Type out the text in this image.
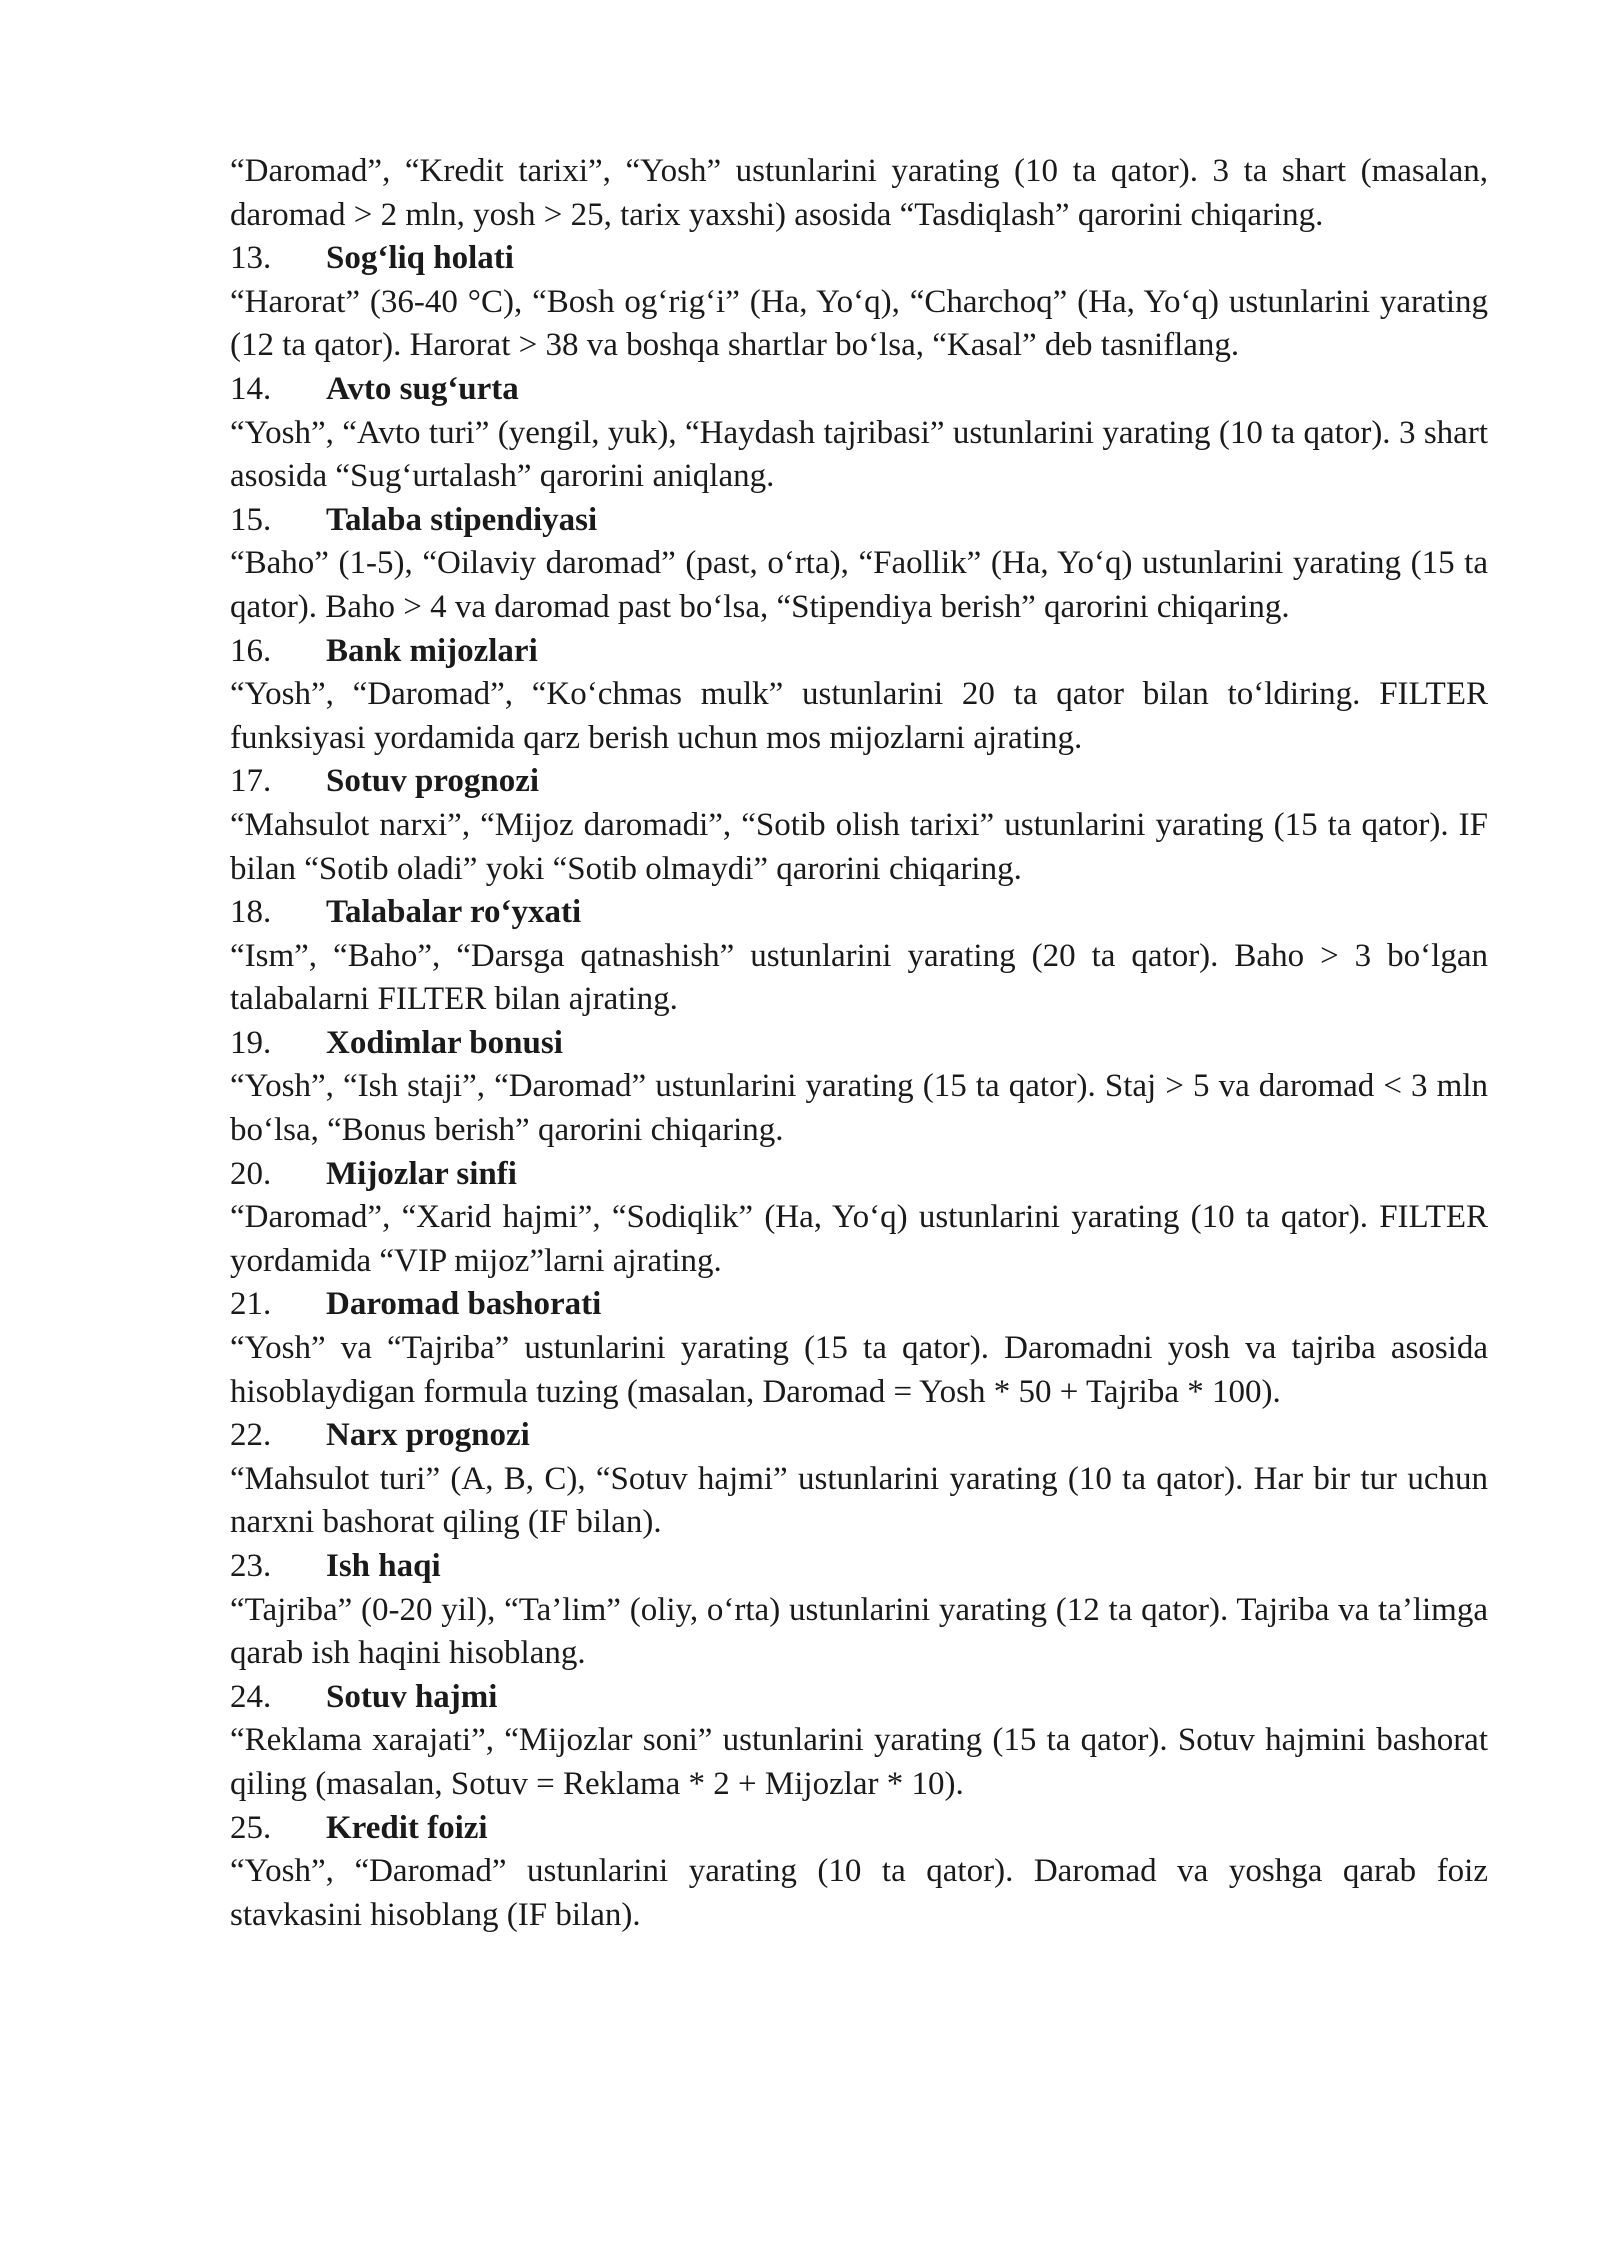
“Daromad”, “Kredit tarixi”, “Yosh” ustunlarini yarating (10 ta qator). 3 ta shart (masalan, daromad > 2 mln, yosh > 25, tarix yaxshi) asosida “Tasdiqlash” qarorini chiqaring.

13.	Sog‘liq holati

“Harorat” (36-40 °C), “Bosh og‘rig‘i” (Ha, Yo‘q), “Charchoq” (Ha, Yo‘q) ustunlarini yarating (12 ta qator). Harorat > 38 va boshqa shartlar bo‘lsa, “Kasal” deb tasniflang.

14.	Avto sug‘urta

“Yosh”, “Avto turi” (yengil, yuk), “Haydash tajribasi” ustunlarini yarating (10 ta qator). 3 shart asosida “Sug‘urtalash” qarorini aniqlang.

15.	Talaba stipendiyasi

“Baho” (1-5), “Oilaviy daromad” (past, o‘rta), “Faollik” (Ha, Yo‘q) ustunlarini yarating (15 ta qator). Baho > 4 va daromad past bo‘lsa, “Stipendiya berish” qarorini chiqaring.

16.	Bank mijozlari

“Yosh”, “Daromad”, “Ko‘chmas mulk” ustunlarini 20 ta qator bilan to‘ldiring. FILTER funksiyasi yordamida qarz berish uchun mos mijozlarni ajrating.

17.	Sotuv prognozi

“Mahsulot narxi”, “Mijoz daromadi”, “Sotib olish tarixi” ustunlarini yarating (15 ta qator). IF bilan “Sotib oladi” yoki “Sotib olmaydi” qarorini chiqaring.

18.	Talabalar ro‘yxati

“Ism”, “Baho”, “Darsga qatnashish” ustunlarini yarating (20 ta qator). Baho > 3 bo‘lgan talabalarni FILTER bilan ajrating.

19.	Xodimlar bonusi

“Yosh”, “Ish staji”, “Daromad” ustunlarini yarating (15 ta qator). Staj > 5 va daromad < 3 mln bo‘lsa, “Bonus berish” qarorini chiqaring.

20.	Mijozlar sinfi

“Daromad”, “Xarid hajmi”, “Sodiqlik” (Ha, Yo‘q) ustunlarini yarating (10 ta qator). FILTER yordamida “VIP mijoz”larni ajrating.

21.	Daromad bashorati

“Yosh” va “Tajriba” ustunlarini yarating (15 ta qator). Daromadni yosh va tajriba asosida hisoblaydigan formula tuzing (masalan, Daromad = Yosh * 50 + Tajriba * 100).

22.	Narx prognozi

“Mahsulot turi” (A, B, C), “Sotuv hajmi” ustunlarini yarating (10 ta qator). Har bir tur uchun narxni bashorat qiling (IF bilan).

23.	Ish haqi

“Tajriba” (0-20 yil), “Ta’lim” (oliy, o‘rta) ustunlarini yarating (12 ta qator). Tajriba va ta’limga qarab ish haqini hisoblang.

24.	Sotuv hajmi

“Reklama xarajati”, “Mijozlar soni” ustunlarini yarating (15 ta qator). Sotuv hajmini bashorat qiling (masalan, Sotuv = Reklama * 2 + Mijozlar * 10).

25.	Kredit foizi

“Yosh”, “Daromad” ustunlarini yarating (10 ta qator). Daromad va yoshga qarab foiz stavkasini hisoblang (IF bilan).
